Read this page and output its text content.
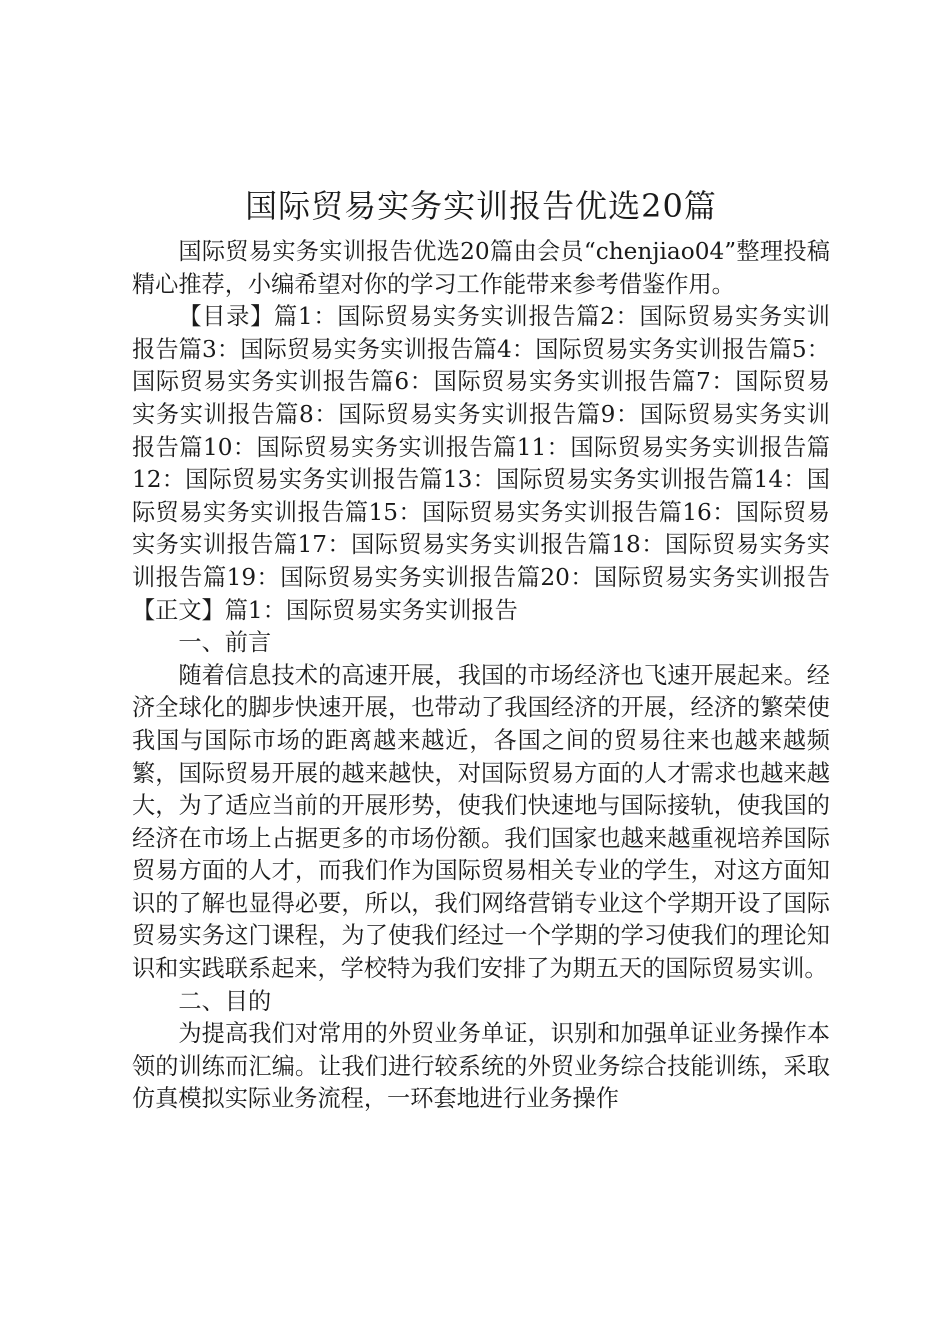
国际贸易实务实训报告优选20篇

国际贸易实务实训报告优选20篇由会员“chenjiao04”整理投稿精心推荐，小编希望对你的学习工作能带来参考借鉴作用。

【目录】篇1：国际贸易实务实训报告篇2：国际贸易实务实训报告篇3：国际贸易实务实训报告篇4：国际贸易实务实训报告篇5：国际贸易实务实训报告篇6：国际贸易实务实训报告篇7：国际贸易实务实训报告篇8：国际贸易实务实训报告篇9：国际贸易实务实训报告篇10：国际贸易实务实训报告篇11：国际贸易实务实训报告篇12：国际贸易实务实训报告篇13：国际贸易实务实训报告篇14：国际贸易实务实训报告篇15：国际贸易实务实训报告篇16：国际贸易实务实训报告篇17：国际贸易实务实训报告篇18：国际贸易实务实训报告篇19：国际贸易实务实训报告篇20：国际贸易实务实训报告【正文】篇1：国际贸易实务实训报告

一、前言

随着信息技术的高速开展，我国的市场经济也飞速开展起来。经济全球化的脚步快速开展，也带动了我国经济的开展，经济的繁荣使我国与国际市场的距离越来越近，各国之间的贸易往来也越来越频繁，国际贸易开展的越来越快，对国际贸易方面的人才需求也越来越大，为了适应当前的开展形势，使我们快速地与国际接轨，使我国的经济在市场上占据更多的市场份额。我们国家也越来越重视培养国际贸易方面的人才，而我们作为国际贸易相关专业的学生，对这方面知识的了解也显得必要，所以，我们网络营销专业这个学期开设了国际贸易实务这门课程，为了使我们经过一个学期的学习使我们的理论知识和实践联系起来，学校特为我们安排了为期五天的国际贸易实训。

二、目的

为提高我们对常用的外贸业务单证，识别和加强单证业务操作本领的训练而汇编。让我们进行较系统的外贸业务综合技能训练，采取仿真模拟实际业务流程，一环套地进行业务操作
